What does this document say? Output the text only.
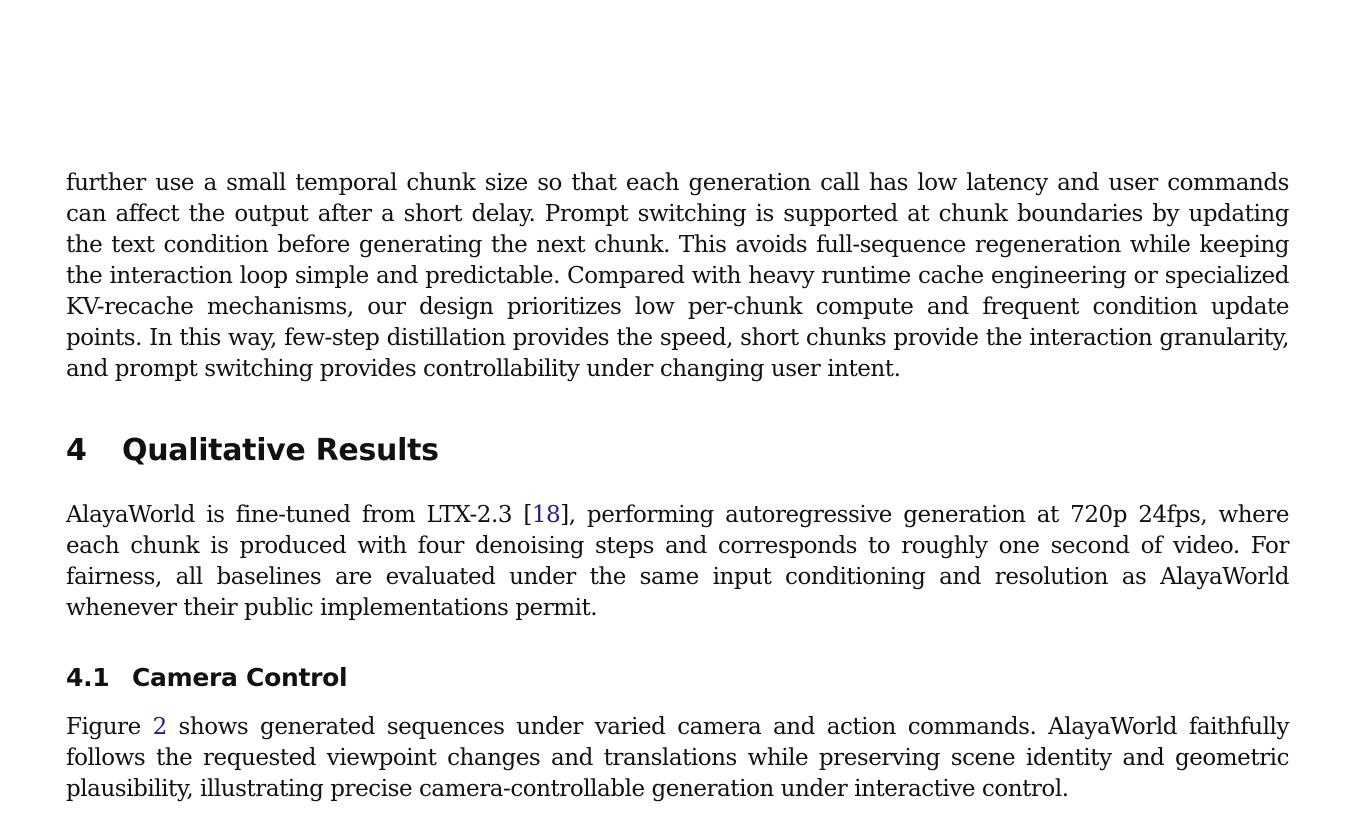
further use a small temporal chunk size so that each generation call has low latency and user commands can affect the output after a short delay. Prompt switching is supported at chunk boundaries by updating the text condition before generating the next chunk. This avoids full-sequence regeneration while keeping the interaction loop simple and predictable. Compared with heavy runtime cache engineering or specialized KV-recache mechanisms, our design prioritizes low per-chunk compute and frequent condition update points. In this way, few-step distillation provides the speed, short chunks provide the interaction granularity, and prompt switching provides controllability under changing user intent.

4 Qualitative Results

AlayaWorld is fine-tuned from LTX-2.3 [18], performing autoregressive generation at 720p 24fps, where each chunk is produced with four denoising steps and corresponds to roughly one second of video. For fairness, all baselines are evaluated under the same input conditioning and resolution as AlayaWorld whenever their public implementations permit.

4.1 Camera Control

Figure 2 shows generated sequences under varied camera and action commands. AlayaWorld faithfully follows the requested viewpoint changes and translations while preserving scene identity and geometric plausibility, illustrating precise camera-controllable generation under interactive control.
